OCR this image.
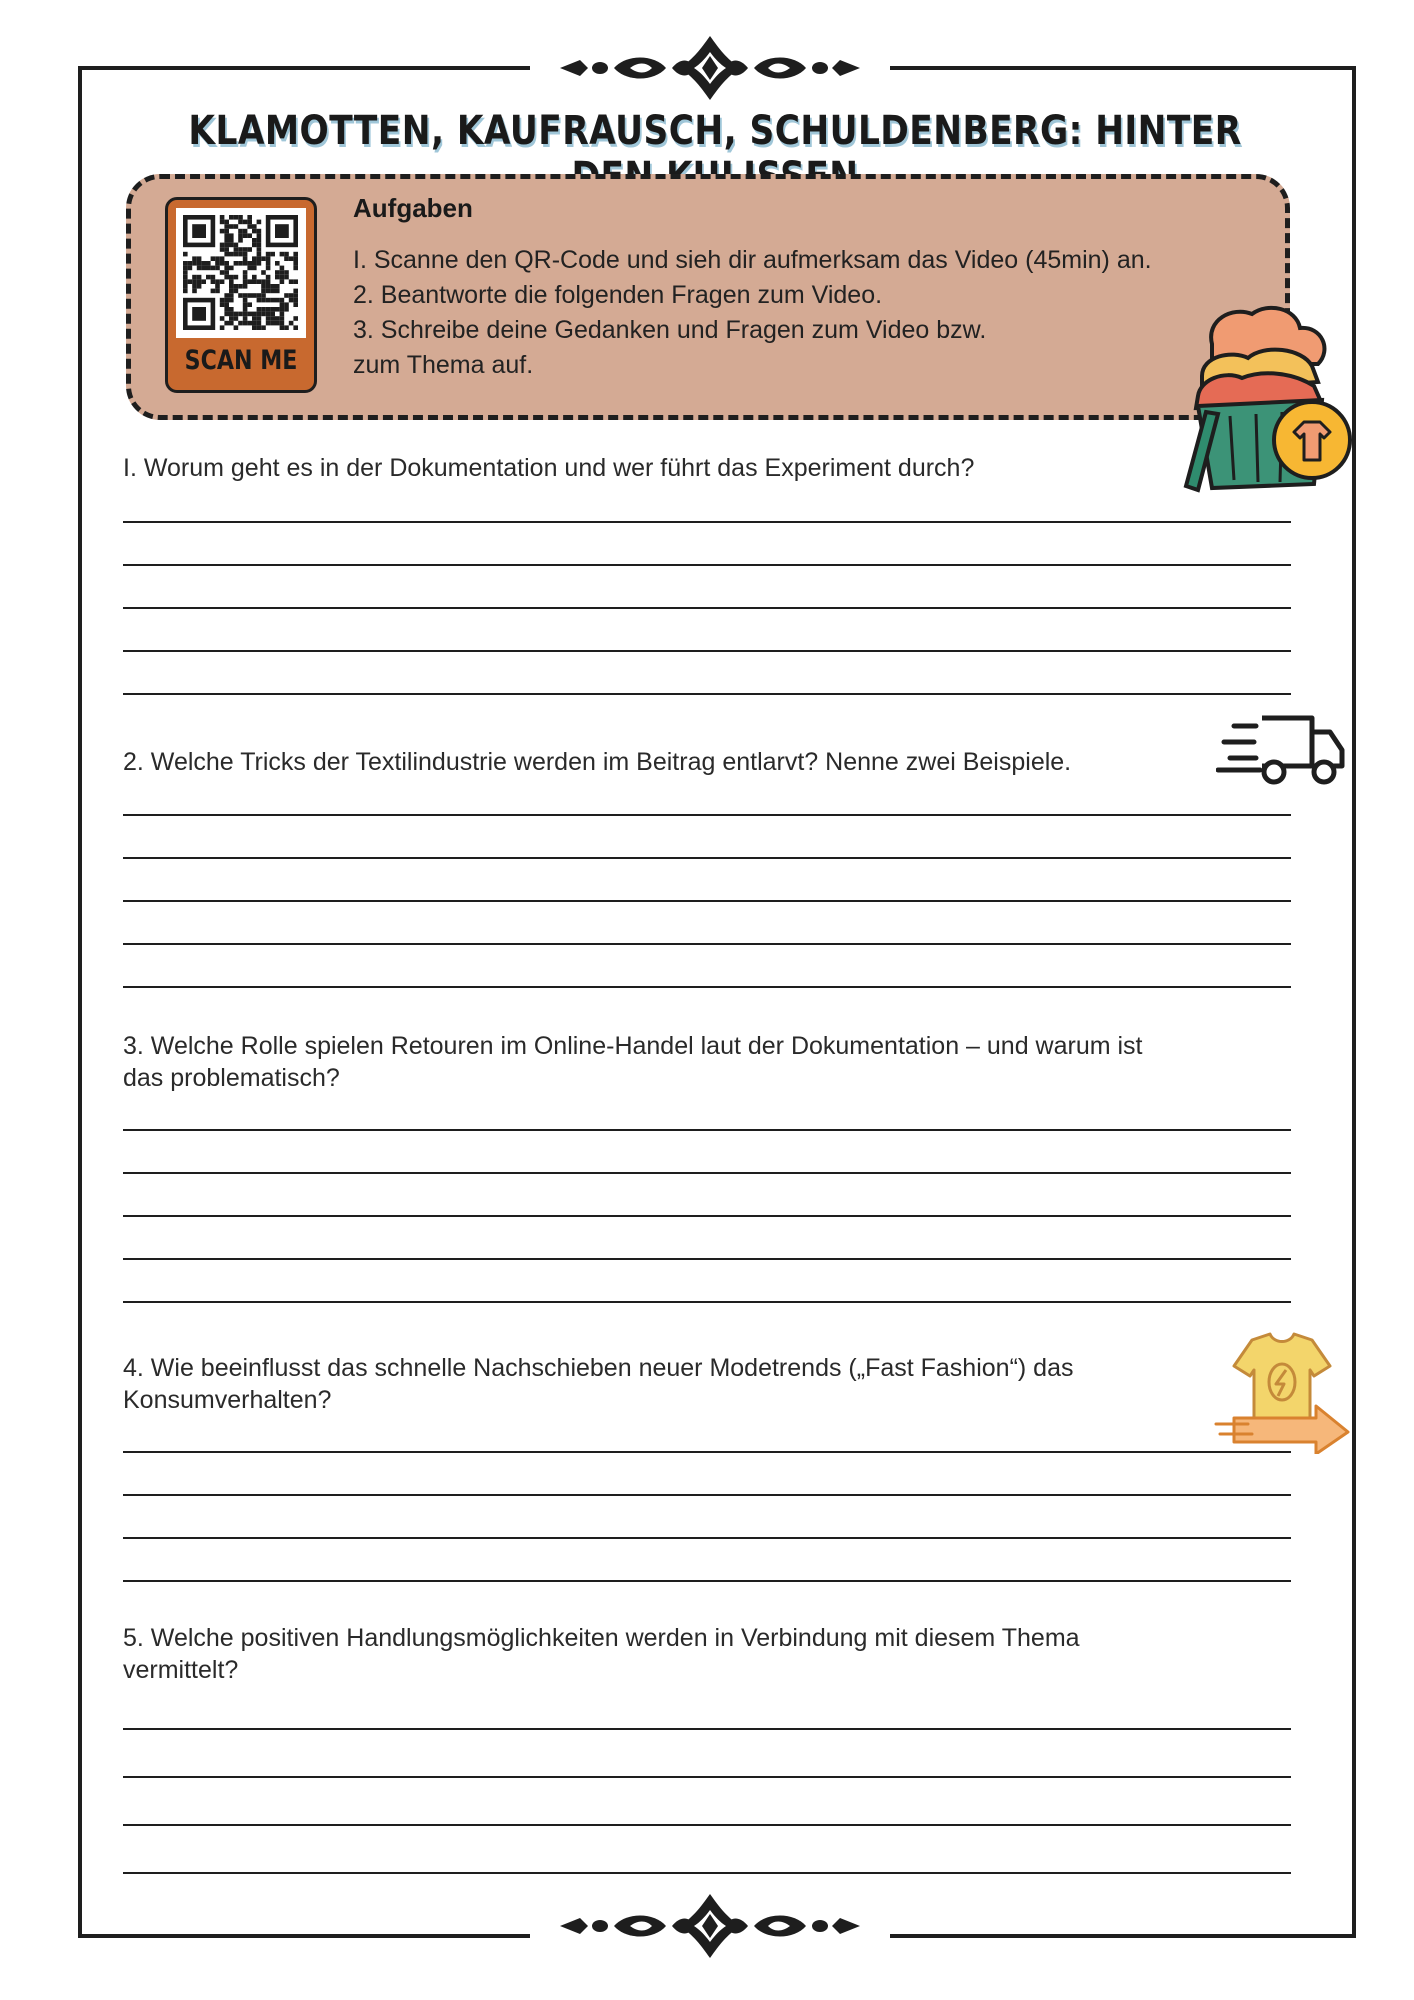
KLAMOTTEN, KAUFRAUSCH, SCHULDENBERG: HINTER
SCAN ME
Aufgaben
I. Scanne den QR-Code und sieh dir aufmerksam das Video (45min) an.
2. Beantworte die folgenden Fragen zum Video.
3. Schreibe deine Gedanken und Fragen zum Video bzw.
zum Thema auf.
I. Worum geht es in der Dokumentation und wer führt das Experiment durch?
2. Welche Tricks der Textilindustrie werden im Beitrag entlarvt? Nenne zwei Beispiele.
3. Welche Rolle spielen Retouren im Online-Handel laut der Dokumentation – und warum ist
das problematisch?
4. Wie beeinflusst das schnelle Nachschieben neuer Modetrends („Fast Fashion“) das
Konsumverhalten?
5. Welche positiven Handlungsmöglichkeiten werden in Verbindung mit diesem Thema
vermittelt?
